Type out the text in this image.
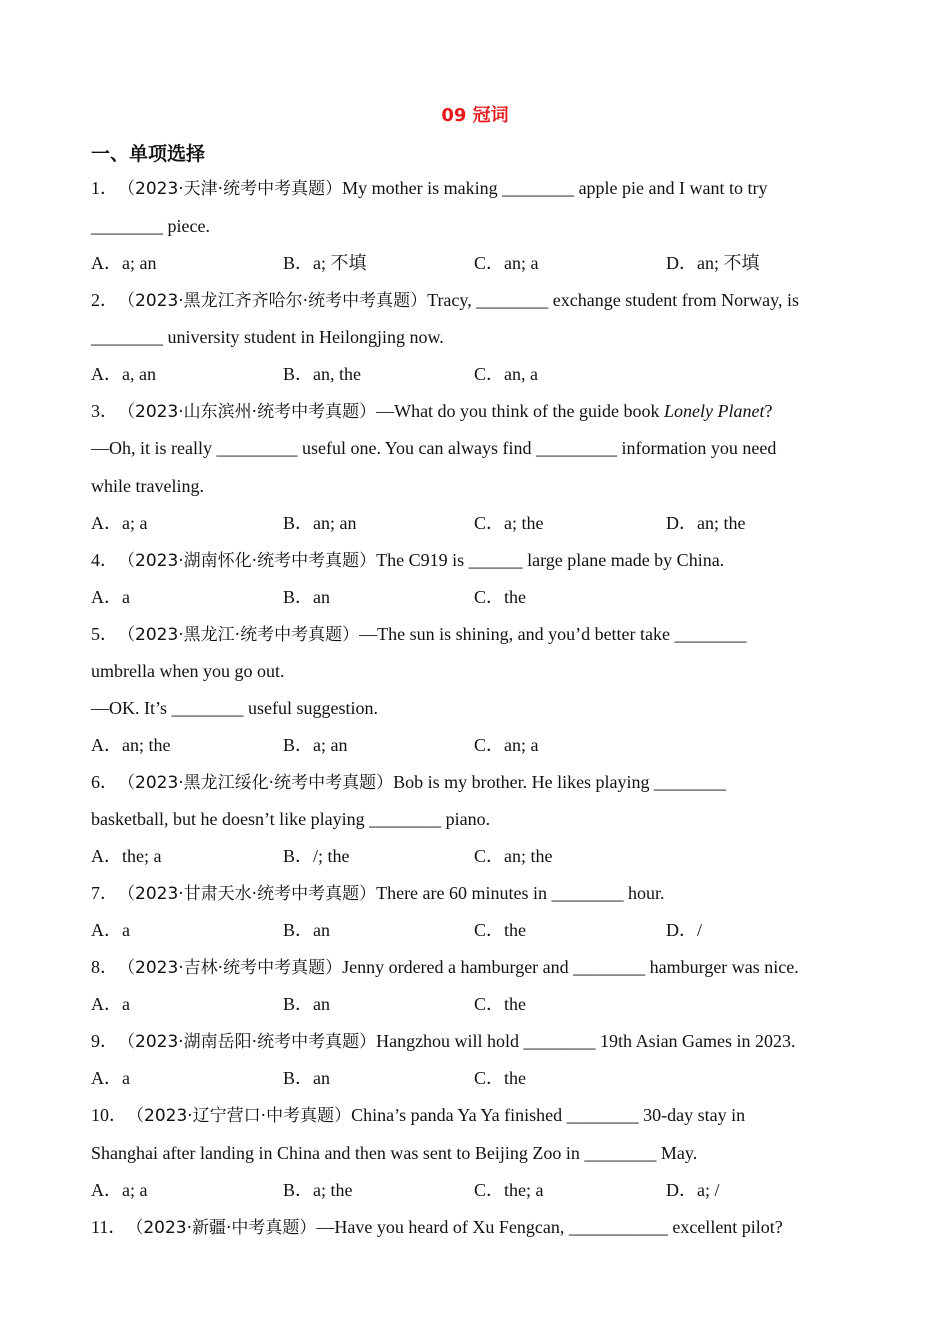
09 冠词
一、单项选择
1．（2023·天津·统考中考真题）My mother is making ________ apple pie and I want to try
________ piece.
A．a; an	B．a; 不填	C．an; a	D．an; 不填
2．（2023·黑龙江齐齐哈尔·统考中考真题）Tracy, ________ exchange student from Norway, is
________ university student in Heilongjing now.
A．a, an	B．an, the	C．an, a
3．（2023·山东滨州·统考中考真题）—What do you think of the guide book Lonely Planet?
—Oh, it is really _________ useful one. You can always find _________ information you need
while traveling.
A．a; a	B．an; an	C．a; the	D．an; the
4．（2023·湖南怀化·统考中考真题）The C919 is ______ large plane made by China.
A．a	B．an	C．the
5．（2023·黑龙江·统考中考真题）—The sun is shining, and you’d better take ________
umbrella when you go out.
—OK. It’s ________ useful suggestion.
A．an; the	B．a; an	C．an; a
6．（2023·黑龙江绥化·统考中考真题）Bob is my brother. He likes playing ________
basketball, but he doesn’t like playing ________ piano.
A．the; a	B．/; the	C．an; the
7．（2023·甘肃天水·统考中考真题）There are 60 minutes in ________ hour.
A．a	B．an	C．the	D．/
8．（2023·吉林·统考中考真题）Jenny ordered a hamburger and ________ hamburger was nice.
A．a	B．an	C．the
9．（2023·湖南岳阳·统考中考真题）Hangzhou will hold ________ 19th Asian Games in 2023.
A．a	B．an	C．the
10．（2023·辽宁营口·中考真题）China’s panda Ya Ya finished ________ 30-day stay in
Shanghai after landing in China and then was sent to Beijing Zoo in ________ May.
A．a; a	B．a; the	C．the; a	D．a; /
11．（2023·新疆·中考真题）—Have you heard of Xu Fengcan, ___________ excellent pilot?
